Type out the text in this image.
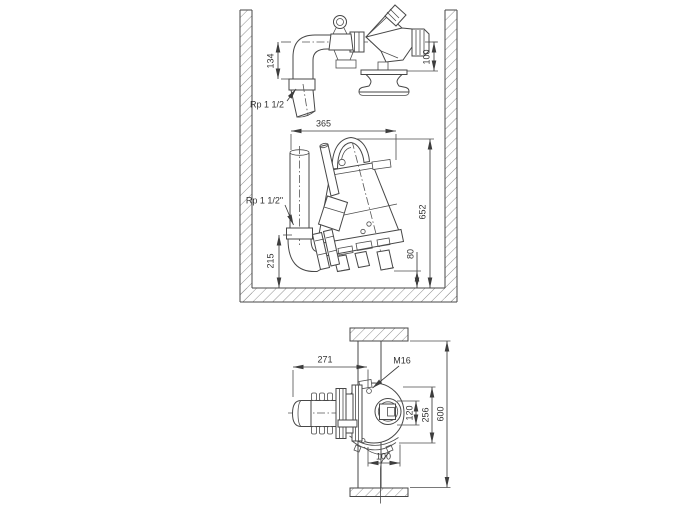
134	100
Rp 1 1/2
365
652
Rp 1 1/2"
215	80
271	M16
120 256 600
100
